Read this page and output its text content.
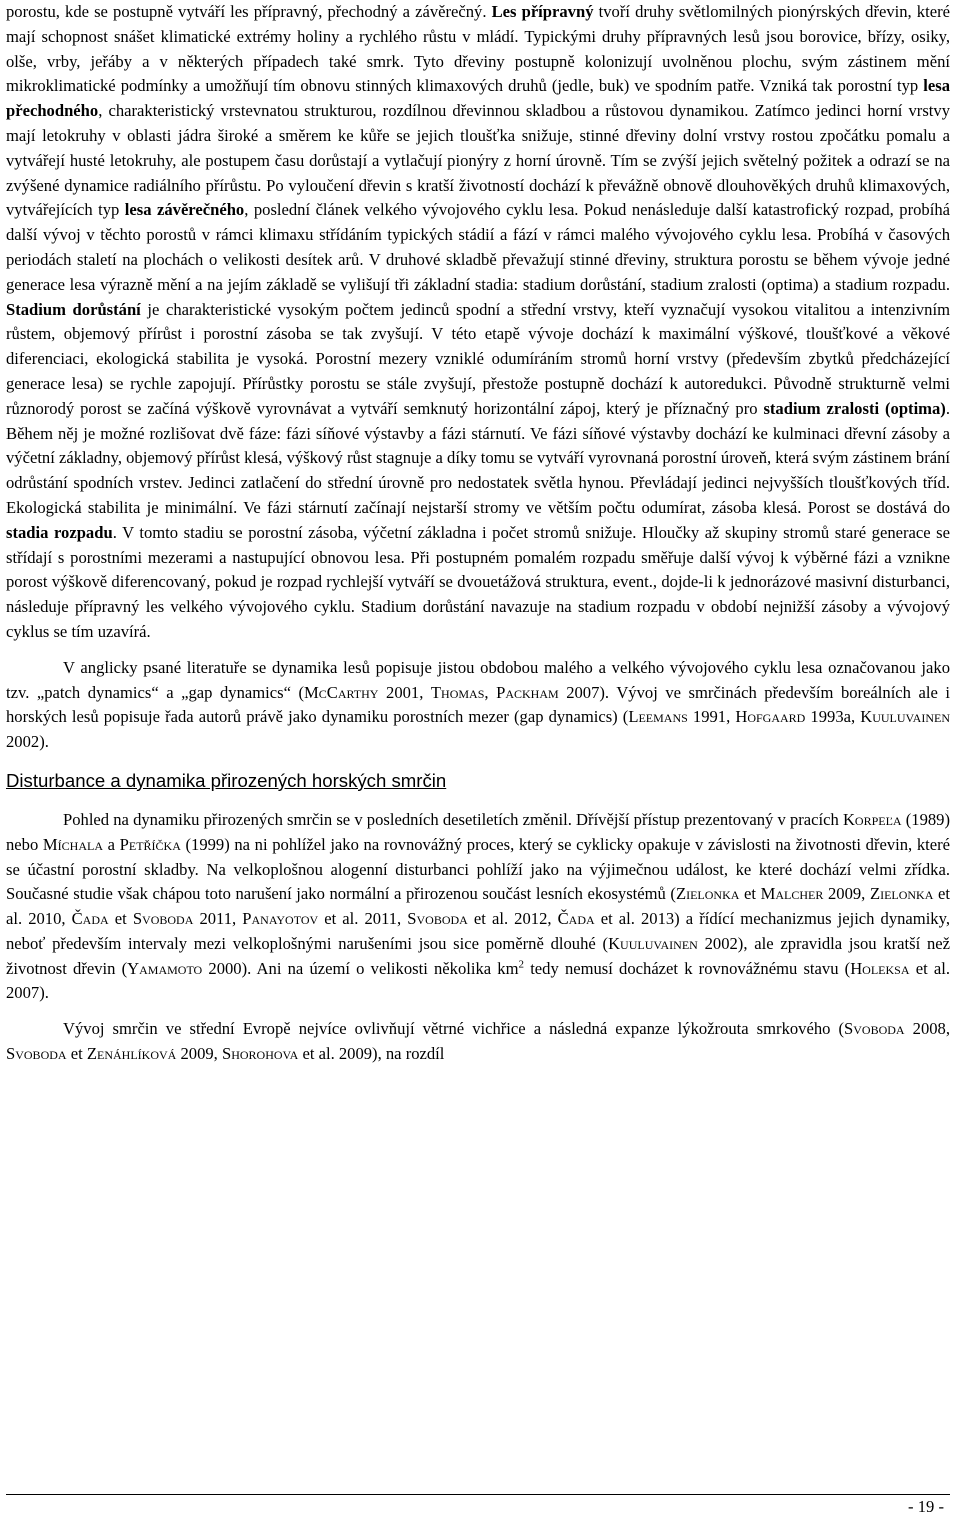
porostu, kde se postupně vytváří les přípravný, přechodný a závěrečný. Les přípravný tvoří druhy světlomilných pionýrských dřevin, které mají schopnost snášet klimatické extrémy holiny a rychlého růstu v mládí. Typickými druhy přípravných lesů jsou borovice, břízy, osiky, olše, vrby, jeřáby a v některých případech také smrk. Tyto dřeviny postupně kolonizují uvolněnou plochu, svým zástinem mění mikroklimatické podmínky a umožňují tím obnovu stinných klimaxových druhů (jedle, buk) ve spodním patře. Vzniká tak porostní typ lesa přechodného, charakteristický vrstevnatou strukturou, rozdílnou dřevinnou skladbou a růstovou dynamikou. Zatímco jedinci horní vrstvy mají letokruhy v oblasti jádra široké a směrem ke kůře se jejich tloušťka snižuje, stinné dřeviny dolní vrstvy rostou zpočátku pomalu a vytvářejí husté letokruhy, ale postupem času dorůstají a vytlačují pionýry z horní úrovně. Tím se zvýší jejich světelný požitek a odrazí se na zvýšené dynamice radiálního přírůstu. Po vyloučení dřevin s kratší životností dochází k převážně obnově dlouhověkých druhů klimaxových, vytvářejících typ lesa závěrečného, poslední článek velkého vývojového cyklu lesa. Pokud nenásleduje další katastrofický rozpad, probíhá další vývoj v těchto porostů v rámci klimaxu střídáním typických stádií a fází v rámci malého vývojového cyklu lesa. Probíhá v časových periodách staletí na plochách o velikosti desítek arů. V druhové skladbě převažují stinné dřeviny, struktura porostu se během vývoje jedné generace lesa výrazně mění a na jejím základě se vylišují tři základní stadia: stadium dorůstání, stadium zralosti (optima) a stadium rozpadu. Stadium dorůstání je charakteristické vysokým počtem jedinců spodní a střední vrstvy, kteří vyznačují vysokou vitalitou a intenzivním růstem, objemový přírůst i porostní zásoba se tak zvyšují. V této etapě vývoje dochází k maximální výškové, tloušťkové a věkové diferenciaci, ekologická stabilita je vysoká. Porostní mezery vzniklé odumíráním stromů horní vrstvy (především zbytků předcházející generace lesa) se rychle zapojují. Přírůstky porostu se stále zvyšují, přestože postupně dochází k autoredukci. Původně strukturně velmi různorodý porost se začíná výškově vyrovnávat a vytváří semknutý horizontální zápoj, který je příznačný pro stadium zralosti (optima). Během něj je možné rozlišovat dvě fáze: fázi síňové výstavby a fázi stárnutí. Ve fázi síňové výstavby dochází ke kulminaci dřevní zásoby a výčetní základny, objemový přírůst klesá, výškový růst stagnuje a díky tomu se vytváří vyrovnaná porostní úroveň, která svým zástinem brání odrůstání spodních vrstev. Jedinci zatlačení do střední úrovně pro nedostatek světla hynou. Převládají jedinci nejvyšších tloušťkových tříd. Ekologická stabilita je minimální. Ve fázi stárnutí začínají nejstarší stromy ve větším počtu odumírat, zásoba klesá. Porost se dostává do stadia rozpadu. V tomto stadiu se porostní zásoba, výčetní základna i počet stromů snižuje. Hloučky až skupiny stromů staré generace se střídají s porostními mezerami a nastupující obnovou lesa. Při postupném pomalém rozpadu směřuje další vývoj k výběrné fázi a vznikne porost výškově diferencovaný, pokud je rozpad rychlejší vytváří se dvouetážová struktura, event., dojde-li k jednorázové masivní disturbanci, následuje přípravný les velkého vývojového cyklu. Stadium dorůstání navazuje na stadium rozpadu v období nejnižší zásoby a vývojový cyklus se tím uzavírá.

V anglicky psané literatuře se dynamika lesů popisuje jistou obdobou malého a velkého vývojového cyklu lesa označovanou jako tzv. „patch dynamics“ a „gap dynamics“ (McCarthy 2001, Thomas, Packham 2007). Vývoj ve smrčinách především boreálních ale i horských lesů popisuje řada autorů právě jako dynamiku porostních mezer (gap dynamics) (Leemans 1991, Hofgaard 1993a, Kuuluvainen 2002).

Disturbance a dynamika přirozených horských smrčin

Pohled na dynamiku přirozených smrčin se v posledních desetiletích změnil. Dřívější přístup prezentovaný v pracích Korpeľa (1989) nebo Míchala a Petříčka (1999) na ni pohlížel jako na rovnovážný proces, který se cyklicky opakuje v závislosti na životnosti dřevin, které se účastní porostní skladby. Na velkoplošnou alogenní disturbanci pohlíží jako na výjimečnou událost, ke které dochází velmi zřídka. Současné studie však chápou toto narušení jako normální a přirozenou součást lesních ekosystémů (Zielonka et Malcher 2009, Zielonka et al. 2010, Čada et Svoboda 2011, Panayotov et al. 2011, Svoboda et al. 2012, Čada et al. 2013) a řídící mechanizmus jejich dynamiky, neboť především intervaly mezi velkoplošnými narušeními jsou sice poměrně dlouhé (Kuuluvainen 2002), ale zpravidla jsou kratší než životnost dřevin (Yamamoto 2000). Ani na území o velikosti několika $km^2$ tedy nemusí docházet k rovnovážnému stavu (Holeksa et al. 2007).

Vývoj smrčin ve střední Evropě nejvíce ovlivňují větrné vichřice a následná expanze lýkožrouta smrkového (Svoboda 2008, Svoboda et Zenáhlíková 2009, Shorohova et al. 2009), na rozdíl

- 19 -
